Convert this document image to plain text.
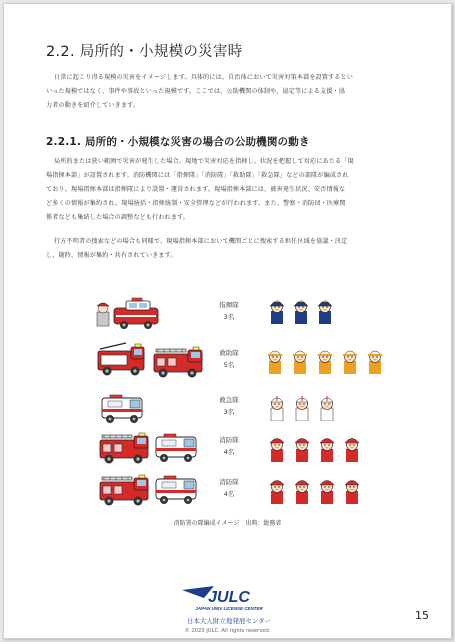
2.2. 局所的・小規模の災害時
日常に起こり得る規模の災害をイメージします。具体的には、自治体において災害対策本部を設置するとい
いった規模ではなく、事件や事故といった規模です。ここでは、公助機関の体制や、協定等による支援・協
力者の動きを紹介していきます。
2.2.1. 局所的・小規模な災害の場合の公助機関の動き
局所的または狭い範囲で災害が発生した場合、現地で災害対応を指揮し、状況を把握して対応にあたる「現
場指揮本部」が設置されます。消防機関には「指揮隊」「消防隊」「救助隊」「救急隊」などの部隊が編成され
ており、現場指揮本部は指揮隊により設置・運営されます。現場指揮本部には、被害発生状況、安否情報な
ど多くの情報が集約され、現場統括・指揮統制・安全管理などが行われます。また、警察・消防団・医療関
係者なども集結した場合の調整なども行われます。
行方不明者の捜索などの場合も同様で、現場指揮本部において機関ごとに捜索する担任区域を協議・決定
し、随時、情報が集約・共有されていきます。
指揮隊
3名
救助隊
5名
救急隊
3名
消防隊
4名
消防隊
4名
消防署の隊編成イメージ　出典：総務省
JULC
JAPAN UNIV LICENSE CENTER
日本大人財立地発展センター	15
© 2023 JULC. All rights reserved.
